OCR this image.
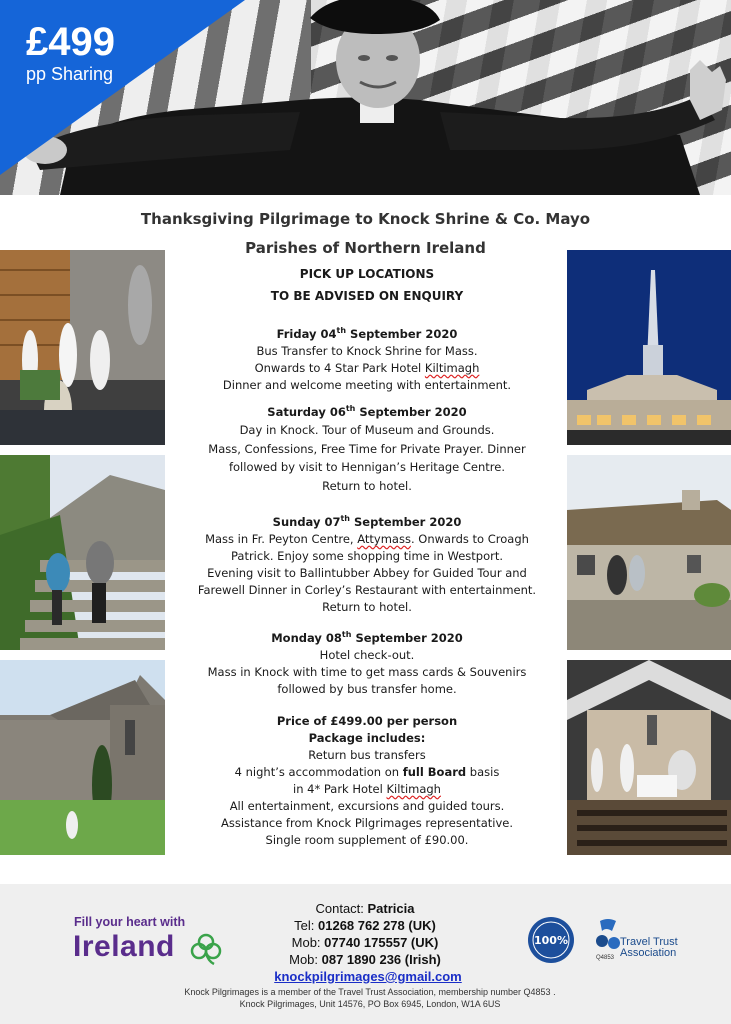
£499
pp Sharing
Thanksgiving Pilgrimage to Knock Shrine & Co. Mayo
Parishes of Northern Ireland
PICK UP LOCATIONS
TO BE ADVISED ON ENQUIRY
Friday 04th September 2020
Bus Transfer to Knock Shrine for Mass.
Onwards to 4 Star Park Hotel Kiltimagh
Dinner and welcome meeting with entertainment.
Saturday 06th September 2020
Day in Knock. Tour of Museum and Grounds.
Mass, Confessions, Free Time for Private Prayer. Dinner
followed by visit to Hennigan’s Heritage Centre.
Return to hotel.
Sunday 07th September 2020
Mass in Fr. Peyton Centre, Attymass. Onwards to Croagh
Patrick. Enjoy some shopping time in Westport.
Evening visit to Ballintubber Abbey for Guided Tour and
Farewell Dinner in Corley’s Restaurant with entertainment.
Return to hotel.
Monday 08th September 2020
Hotel check-out.
Mass in Knock with time to get mass cards & Souvenirs
followed by bus transfer home.
Price of £499.00 per person
Package includes:
Return bus transfers
4 night’s accommodation on full Board basis
in 4* Park Hotel Kiltimagh
All entertainment, excursions and guided tours.
Assistance from Knock Pilgrimages representative.
Single room supplement of £90.00.
Fill your heart with
Ireland
Contact: Patricia
Tel: 01268 762 278 (UK)
Mob: 07740 175557 (UK)
Mob: 087 1890 236 (Irish)
knockpilgrimages@gmail.com
Knock Pilgrimages is a member of the Travel Trust Association, membership number Q4853 .
Knock Pilgrimages, Unit 14576, PO Box 6945, London, W1A 6US
100%	Travel Trust
Association
Q4853
